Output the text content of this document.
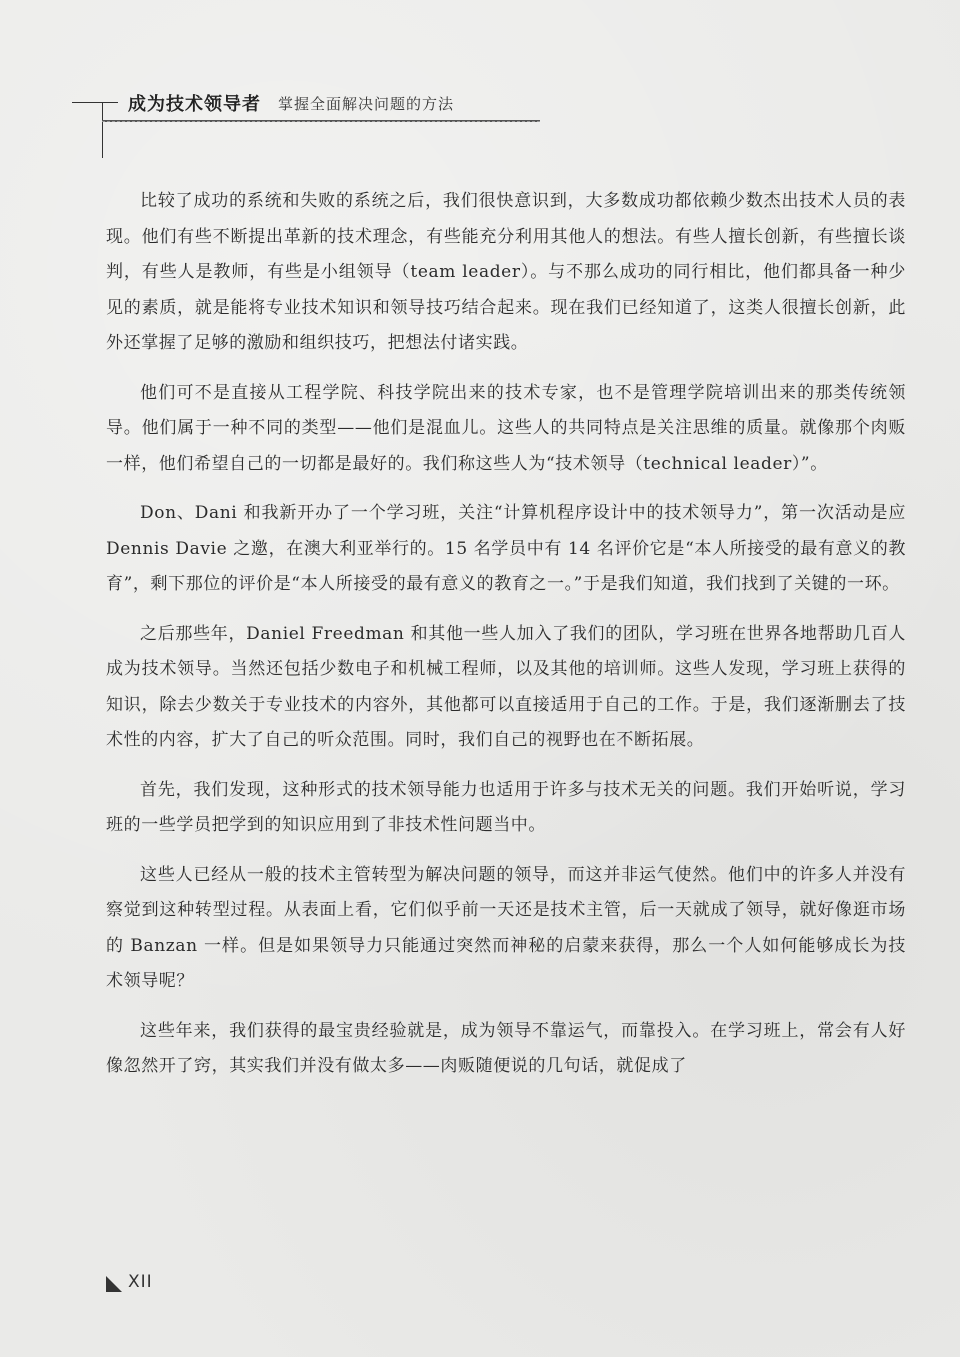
成为技术领导者 掌握全面解决问题的方法

比较了成功的系统和失败的系统之后，我们很快意识到，大多数成功都依赖少数杰出技术人员的表现。他们有些不断提出革新的技术理念，有些能充分利用其他人的想法。有些人擅长创新，有些擅长谈判，有些人是教师，有些是小组领导（team leader）。与不那么成功的同行相比，他们都具备一种少见的素质，就是能将专业技术知识和领导技巧结合起来。现在我们已经知道了，这类人很擅长创新，此外还掌握了足够的激励和组织技巧，把想法付诸实践。

他们可不是直接从工程学院、科技学院出来的技术专家，也不是管理学院培训出来的那类传统领导。他们属于一种不同的类型——他们是混血儿。这些人的共同特点是关注思维的质量。就像那个肉贩一样，他们希望自己的一切都是最好的。我们称这些人为“技术领导（technical leader）”。

Don、Dani 和我新开办了一个学习班，关注“计算机程序设计中的技术领导力”，第一次活动是应 Dennis Davie 之邀，在澳大利亚举行的。15 名学员中有 14 名评价它是“本人所接受的最有意义的教育”，剩下那位的评价是“本人所接受的最有意义的教育之一。”于是我们知道，我们找到了关键的一环。

之后那些年，Daniel Freedman 和其他一些人加入了我们的团队，学习班在世界各地帮助几百人成为技术领导。当然还包括少数电子和机械工程师，以及其他的培训师。这些人发现，学习班上获得的知识，除去少数关于专业技术的内容外，其他都可以直接适用于自己的工作。于是，我们逐渐删去了技术性的内容，扩大了自己的听众范围。同时，我们自己的视野也在不断拓展。

首先，我们发现，这种形式的技术领导能力也适用于许多与技术无关的问题。我们开始听说，学习班的一些学员把学到的知识应用到了非技术性问题当中。

这些人已经从一般的技术主管转型为解决问题的领导，而这并非运气使然。他们中的许多人并没有察觉到这种转型过程。从表面上看，它们似乎前一天还是技术主管，后一天就成了领导，就好像逛市场的 Banzan 一样。但是如果领导力只能通过突然而神秘的启蒙来获得，那么一个人如何能够成长为技术领导呢？

这些年来，我们获得的最宝贵经验就是，成为领导不靠运气，而靠投入。在学习班上，常会有人好像忽然开了窍，其实我们并没有做太多——肉贩随便说的几句话，就促成了

XII
